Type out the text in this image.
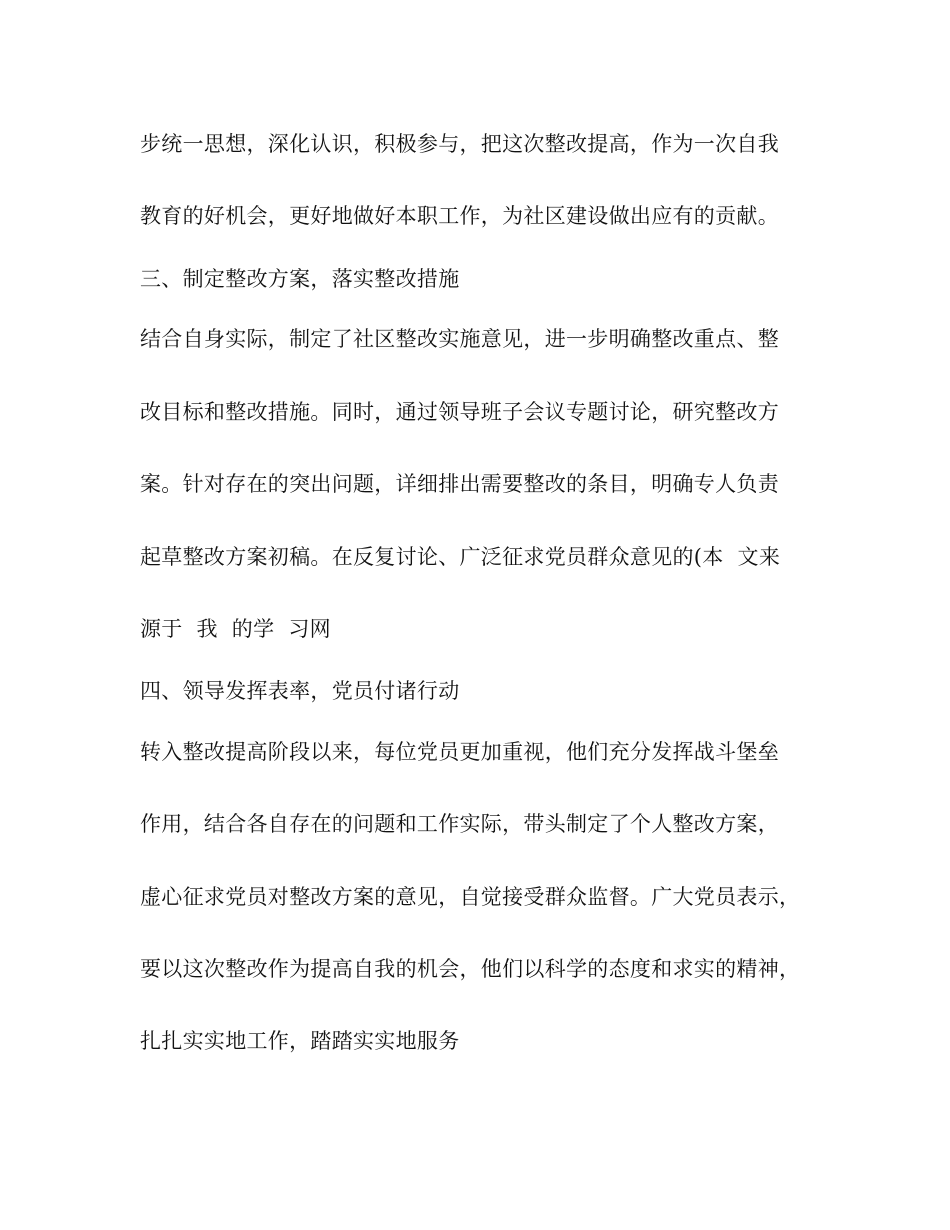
步统一思想，深化认识，积极参与，把这次整改提高，作为一次自我
教育的好机会，更好地做好本职工作，为社区建设做出应有的贡献。
三、制定整改方案，落实整改措施
结合自身实际，制定了社区整改实施意见，进一步明确整改重点、整
改目标和整改措施。同时，通过领导班子会议专题讨论，研究整改方
案。针对存在的突出问题，详细排出需要整改的条目，明确专人负责
起草整改方案初稿。在反复讨论、广泛征求党员群众意见的(本  文来
源于  我  的学  习网
四、领导发挥表率，党员付诸行动
转入整改提高阶段以来，每位党员更加重视，他们充分发挥战斗堡垒
作用，结合各自存在的问题和工作实际，带头制定了个人整改方案，
虚心征求党员对整改方案的意见，自觉接受群众监督。广大党员表示，
要以这次整改作为提高自我的机会，他们以科学的态度和求实的精神，
扎扎实实地工作，踏踏实实地服务
